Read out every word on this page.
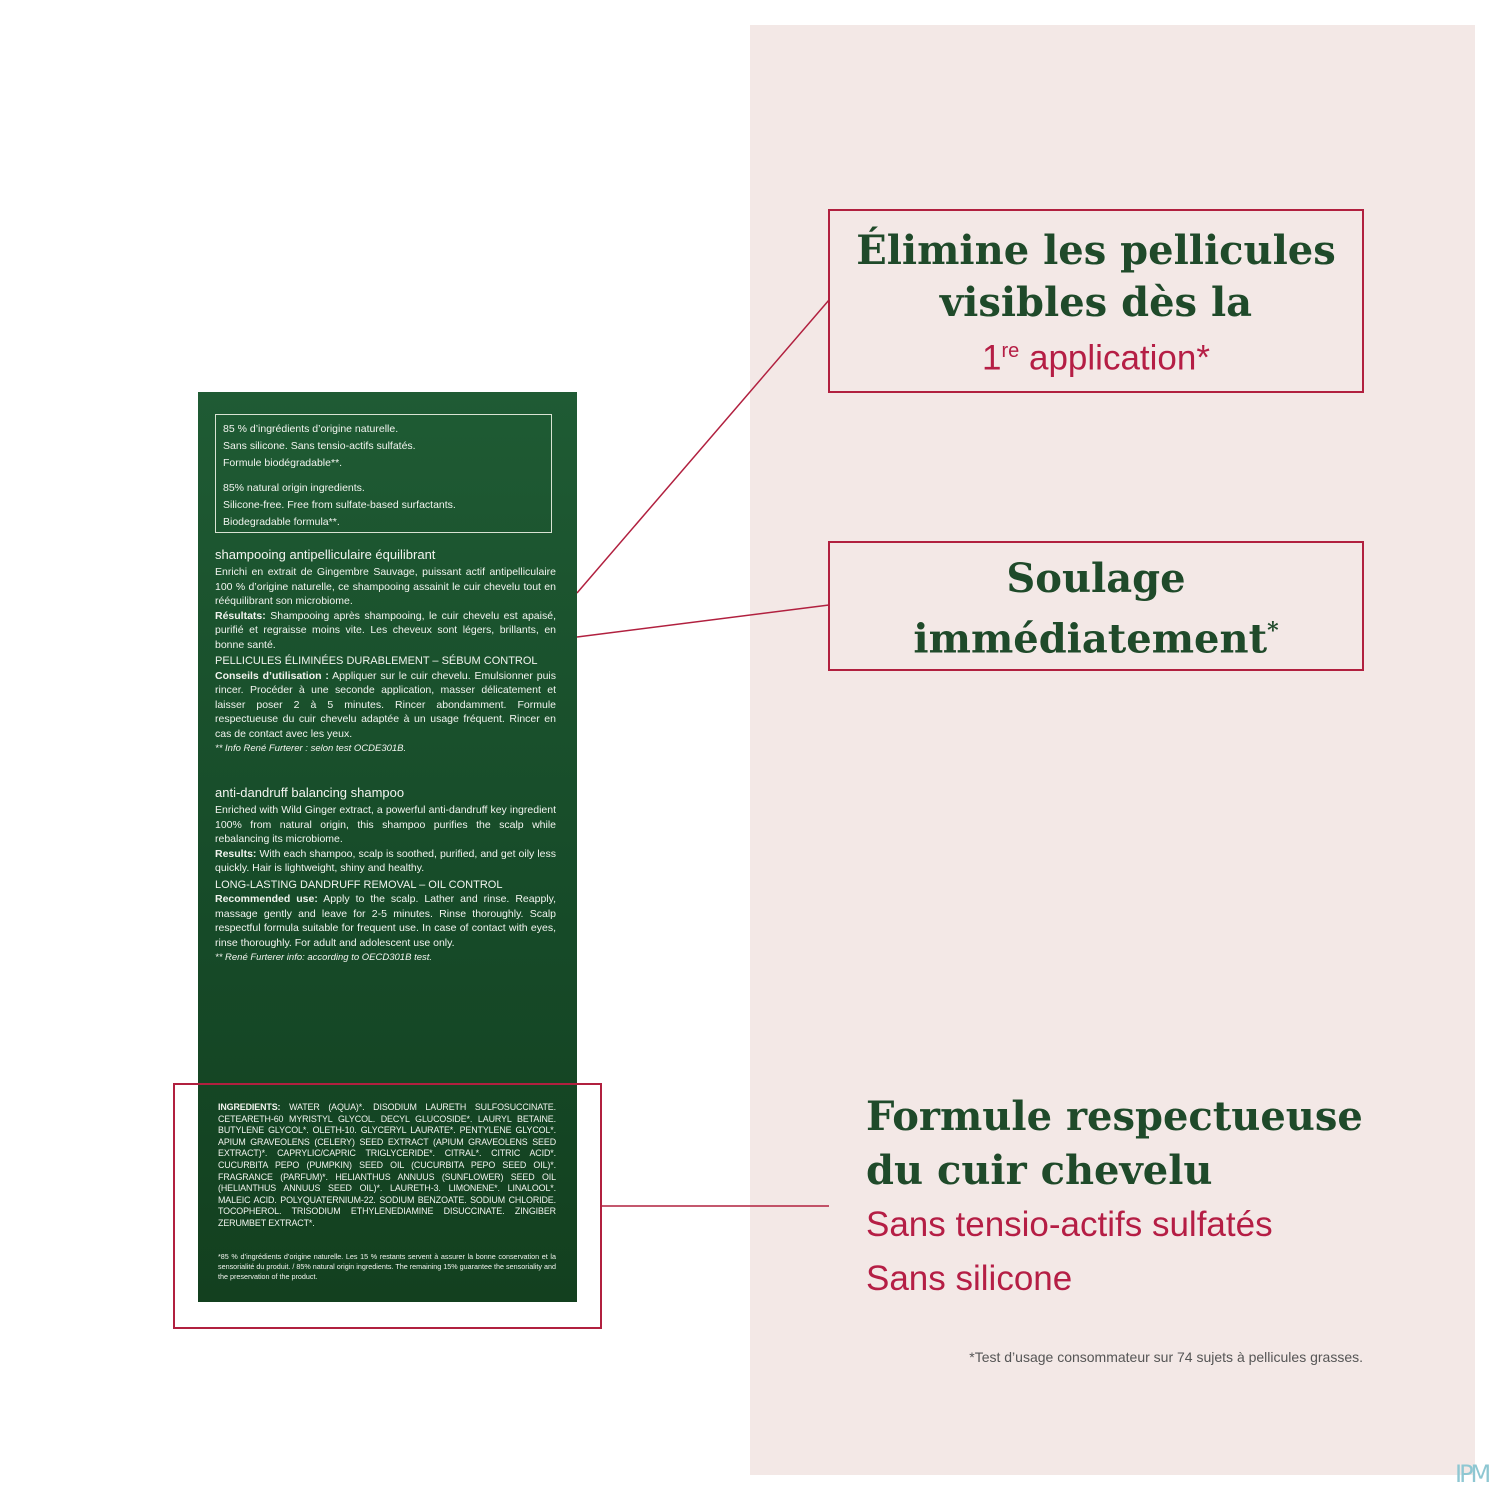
85 % d’ingrédients d’origine naturelle.

Sans silicone. Sans tensio-actifs sulfatés.

Formule biodégradable**.

85% natural origin ingredients.

Silicone-free. Free from sulfate-based surfactants.

Biodegradable formula**.

shampooing antipelliculaire équilibrant

Enrichi en extrait de Gingembre Sauvage, puissant actif antipelliculaire 100 % d’origine naturelle, ce shampooing assainit le cuir chevelu tout en rééquilibrant son microbiome.

Résultats: Shampooing après shampooing, le cuir chevelu est apaisé, purifié et regraisse moins vite. Les cheveux sont légers, brillants, en bonne santé.

PELLICULES ÉLIMINÉES DURABLEMENT – SÉBUM CONTROL

Conseils d’utilisation : Appliquer sur le cuir chevelu. Emulsionner puis rincer. Procéder à une seconde application, masser délicatement et laisser poser 2 à 5 minutes. Rincer abondamment. Formule respectueuse du cuir chevelu adaptée à un usage fréquent. Rincer en cas de contact avec les yeux.

** Info René Furterer : selon test OCDE301B.

anti-dandruff balancing shampoo

Enriched with Wild Ginger extract, a powerful anti-dandruff key ingredient 100% from natural origin, this shampoo purifies the scalp while rebalancing its microbiome.

Results: With each shampoo, scalp is soothed, purified, and get oily less quickly. Hair is lightweight, shiny and healthy.

LONG-LASTING DANDRUFF REMOVAL – OIL CONTROL

Recommended use: Apply to the scalp. Lather and rinse. Reapply, massage gently and leave for 2-5 minutes. Rinse thoroughly. Scalp respectful formula suitable for frequent use. In case of contact with eyes, rinse thoroughly. For adult and adolescent use only.

** René Furterer info: according to OECD301B test.

INGREDIENTS: WATER (AQUA)*. DISODIUM LAURETH SULFOSUCCINATE. CETEARETH-60 MYRISTYL GLYCOL. DECYL GLUCOSIDE*. LAURYL BETAINE. BUTYLENE GLYCOL*. OLETH-10. GLYCERYL LAURATE*. PENTYLENE GLYCOL*. APIUM GRAVEOLENS (CELERY) SEED EXTRACT (APIUM GRAVEOLENS SEED EXTRACT)*. CAPRYLIC/CAPRIC TRIGLYCERIDE*. CITRAL*. CITRIC ACID*. CUCURBITA PEPO (PUMPKIN) SEED OIL (CUCURBITA PEPO SEED OIL)*. FRAGRANCE (PARFUM)*. HELIANTHUS ANNUUS (SUNFLOWER) SEED OIL (HELIANTHUS ANNUUS SEED OIL)*. LAURETH-3. LIMONENE*. LINALOOL*. MALEIC ACID. POLYQUATERNIUM-22. SODIUM BENZOATE. SODIUM CHLORIDE. TOCOPHEROL. TRISODIUM ETHYLENEDIAMINE DISUCCINATE. ZINGIBER ZERUMBET EXTRACT*.

*85 % d’ingrédients d’origine naturelle. Les 15 % restants servent à assurer la bonne conservation et la sensorialité du produit. / 85% natural origin ingredients. The remaining 15% guarantee the sensoriality and the preservation of the product.

Élimine les pellicules
visibles dès la
1re application*
Soulage
immédiatement*
Formule respectueuse
du cuir chevelu
Sans tensio-actifs sulfatés
Sans silicone
*Test d’usage consommateur sur 74 sujets à pellicules grasses.
IPM
